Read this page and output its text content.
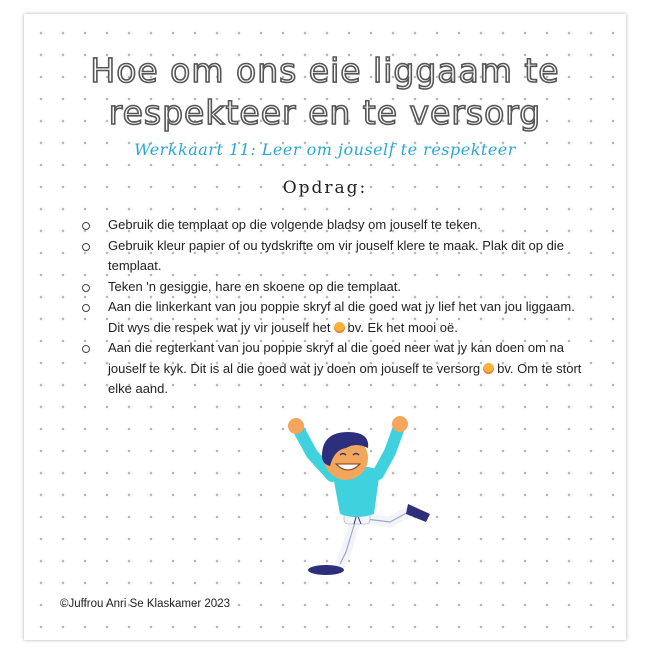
Hoe om ons eie liggaam te
respekteer en te versorg
Werkkaart 11: Leer om jouself te respekteer
Opdrag:
Gebruik die templaat op die volgende bladsy om jouself te teken.
Gebruik kleur papier of ou tydskrifte om vir jouself klere te maak. Plak dit op die templaat.
Teken 'n gesiggie, hare en skoene op die templaat.
Aan die linkerkant van jou poppie skryf al die goed wat jy lief het van jou liggaam. Dit wys die respek wat jy vir jouself het bv. Ek het mooi oë.
Aan die regterkant van jou poppie skryf al die goed neer wat jy kan doen om na jouself te kyk. Dit is al die goed wat jy doen om jouself te versorg bv. Om te stort elke aand.
©Juffrou Anri Se Klaskamer 2023
